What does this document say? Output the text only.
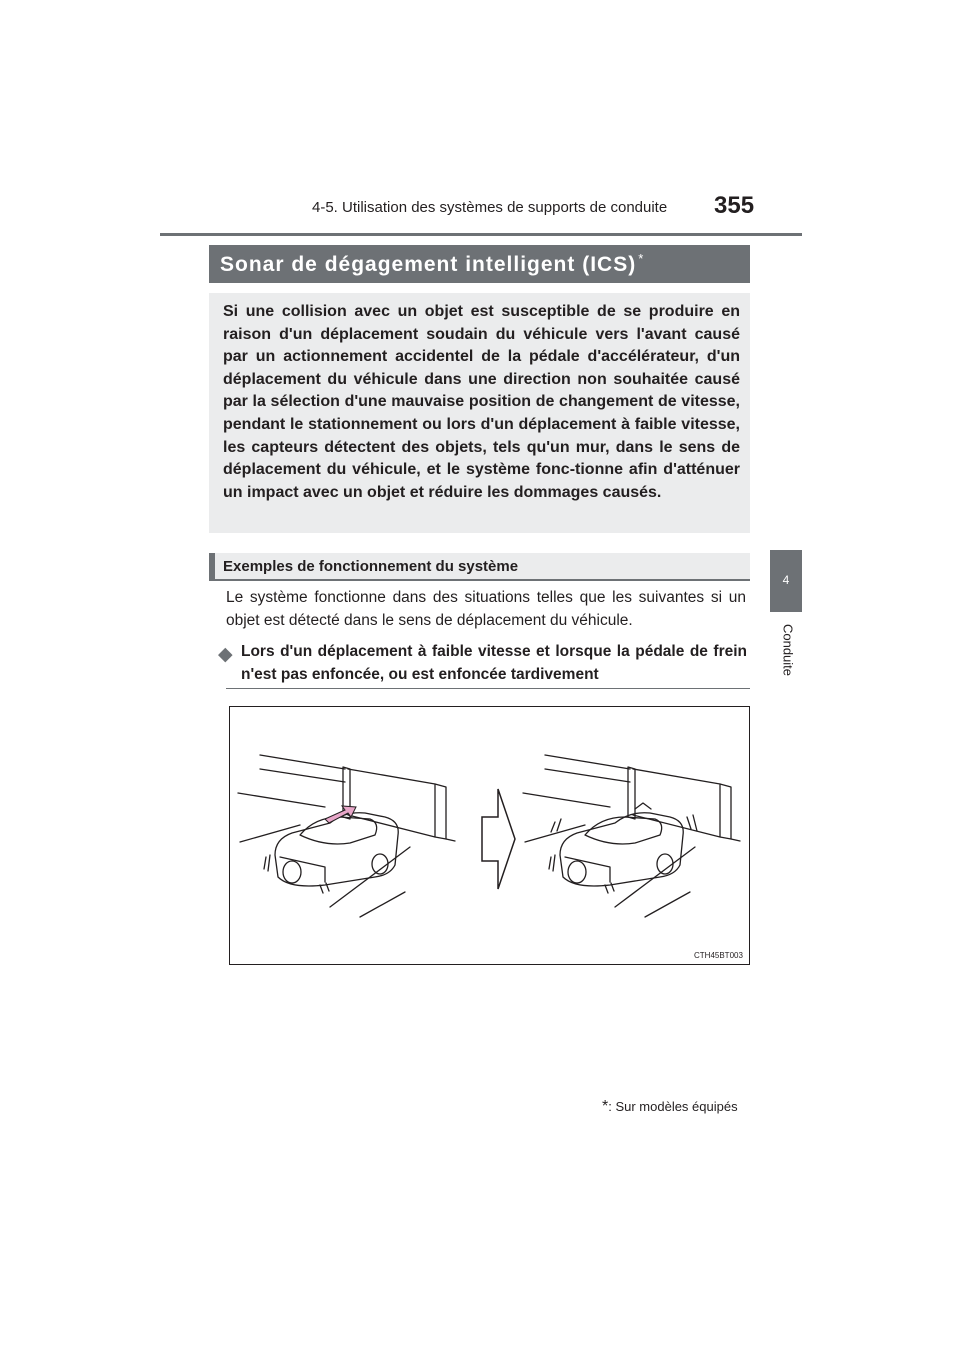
4-5. Utilisation des systèmes de supports de conduite 355
4
Conduite
Sonar de dégagement intelligent (ICS) *
Si une collision avec un objet est susceptible de se produire en raison d'un déplacement soudain du véhicule vers l'avant causé par un actionnement accidentel de la pédale d'accélérateur, d'un déplacement du véhicule dans une direction non souhaitée causé par la sélection d'une mauvaise position de changement de vitesse, pendant le stationnement ou lors d'un déplacement à faible vitesse, les capteurs détectent des objets, tels qu'un mur, dans le sens de déplacement du véhicule, et le système fonc-tionne afin d'atténuer un impact avec un objet et réduire les dommages causés.
Exemples de fonctionnement du système
Le système fonctionne dans des situations telles que les suivantes si un objet est détecté dans le sens de déplacement du véhicule.
◆ Lors d'un déplacement à faible vitesse et lorsque la pédale de frein n'est pas enfoncée, ou est enfoncée tardivement
CTH45BT003
*: Sur modèles équipés
